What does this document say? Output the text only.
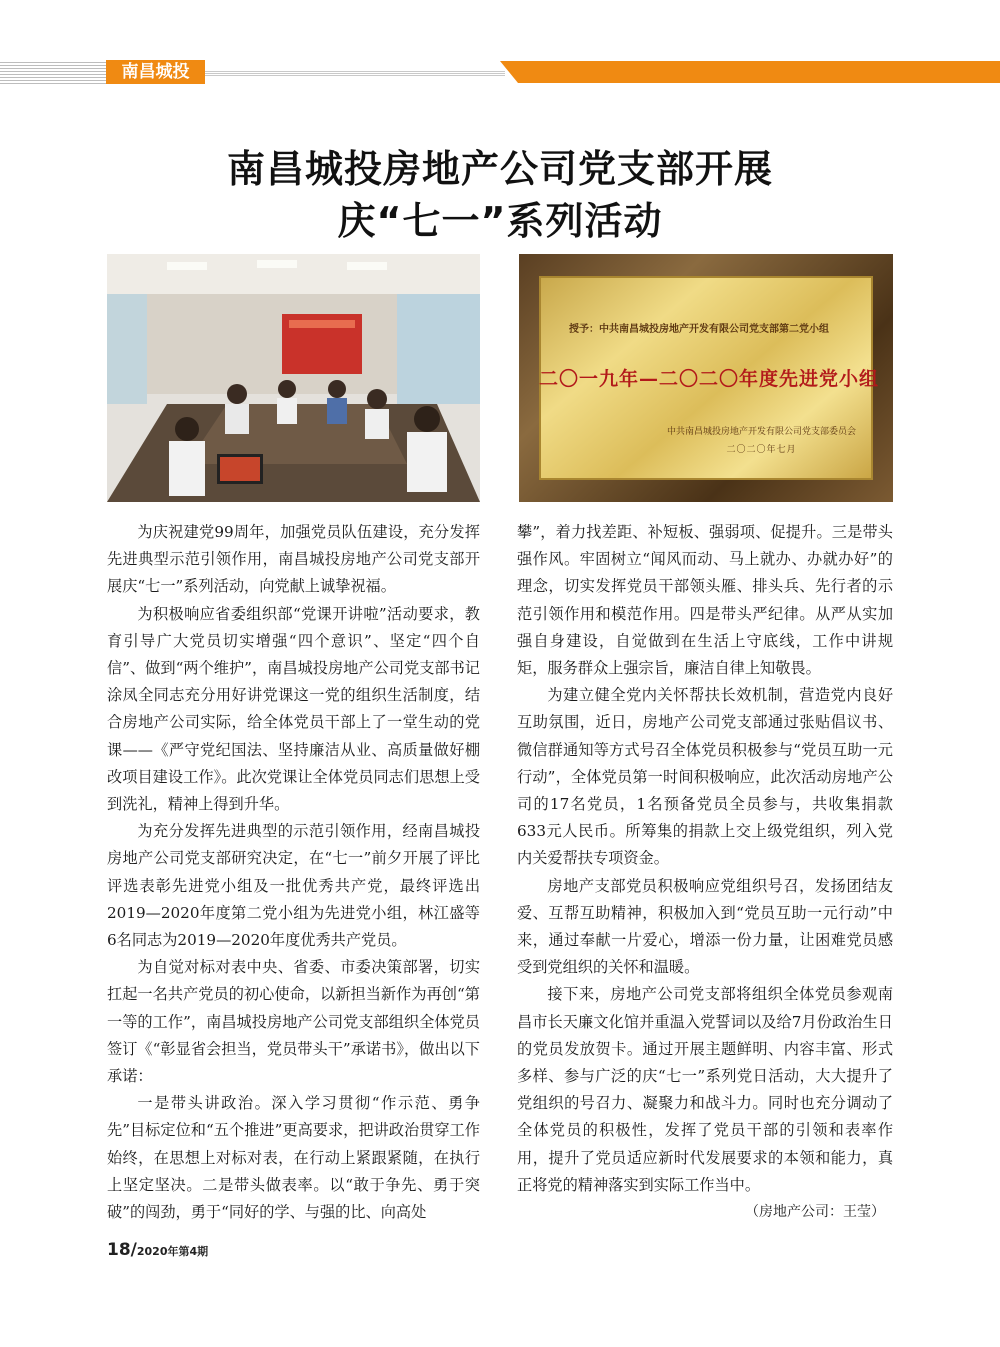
南昌城投
南昌城投房地产公司党支部开展
庆“七一”系列活动
授予：中共南昌城投房地产开发有限公司党支部第二党小组
二〇一九年—二〇二〇年度先进党小组
中共南昌城投房地产开发有限公司党支部委员会
二〇二〇年七月

为庆祝建党99周年，加强党员队伍建设，充分发挥先进典型示范引领作用，南昌城投房地产公司党支部开展庆“七一”系列活动，向党献上诚挚祝福。

为积极响应省委组织部“党课开讲啦”活动要求，教育引导广大党员切实增强“四个意识”、坚定“四个自信”、做到“两个维护”，南昌城投房地产公司党支部书记涂凤全同志充分用好讲党课这一党的组织生活制度，结合房地产公司实际，给全体党员干部上了一堂生动的党课——《严守党纪国法、坚持廉洁从业、高质量做好棚改项目建设工作》。此次党课让全体党员同志们思想上受到洗礼，精神上得到升华。

为充分发挥先进典型的示范引领作用，经南昌城投房地产公司党支部研究决定，在“七一”前夕开展了评比评选表彰先进党小组及一批优秀共产党，最终评选出2019—2020年度第二党小组为先进党小组，林江盛等6名同志为2019—2020年度优秀共产党员。

为自觉对标对表中央、省委、市委决策部署，切实扛起一名共产党员的初心使命，以新担当新作为再创“第一等的工作”，南昌城投房地产公司党支部组织全体党员签订《“彰显省会担当，党员带头干”承诺书》，做出以下承诺：

一是带头讲政治。深入学习贯彻“作示范、勇争先”目标定位和“五个推进”更高要求，把讲政治贯穿工作始终，在思想上对标对表，在行动上紧跟紧随，在执行上坚定坚决。二是带头做表率。以“敢于争先、勇于突破”的闯劲，勇于“同好的学、与强的比、向高处

攀”，着力找差距、补短板、强弱项、促提升。三是带头强作风。牢固树立“闻风而动、马上就办、办就办好”的理念，切实发挥党员干部领头雁、排头兵、先行者的示范引领作用和模范作用。四是带头严纪律。从严从实加强自身建设，自觉做到在生活上守底线，工作中讲规矩，服务群众上强宗旨，廉洁自律上知敬畏。

为建立健全党内关怀帮扶长效机制，营造党内良好互助氛围，近日，房地产公司党支部通过张贴倡议书、微信群通知等方式号召全体党员积极参与“党员互助一元行动”，全体党员第一时间积极响应，此次活动房地产公司的17名党员，1名预备党员全员参与，共收集捐款633元人民币。所筹集的捐款上交上级党组织，列入党内关爱帮扶专项资金。

房地产支部党员积极响应党组织号召，发扬团结友爱、互帮互助精神，积极加入到“党员互助一元行动”中来，通过奉献一片爱心，增添一份力量，让困难党员感受到党组织的关怀和温暖。

接下来，房地产公司党支部将组织全体党员参观南昌市长天廉文化馆并重温入党誓词以及给7月份政治生日的党员发放贺卡。通过开展主题鲜明、内容丰富、形式多样、参与广泛的庆“七一”系列党日活动，大大提升了党组织的号召力、凝聚力和战斗力。同时也充分调动了全体党员的积极性，发挥了党员干部的引领和表率作用，提升了党员适应新时代发展要求的本领和能力，真正将党的精神落实到实际工作当中。

（房地产公司：王莹）

18/2020年第4期
